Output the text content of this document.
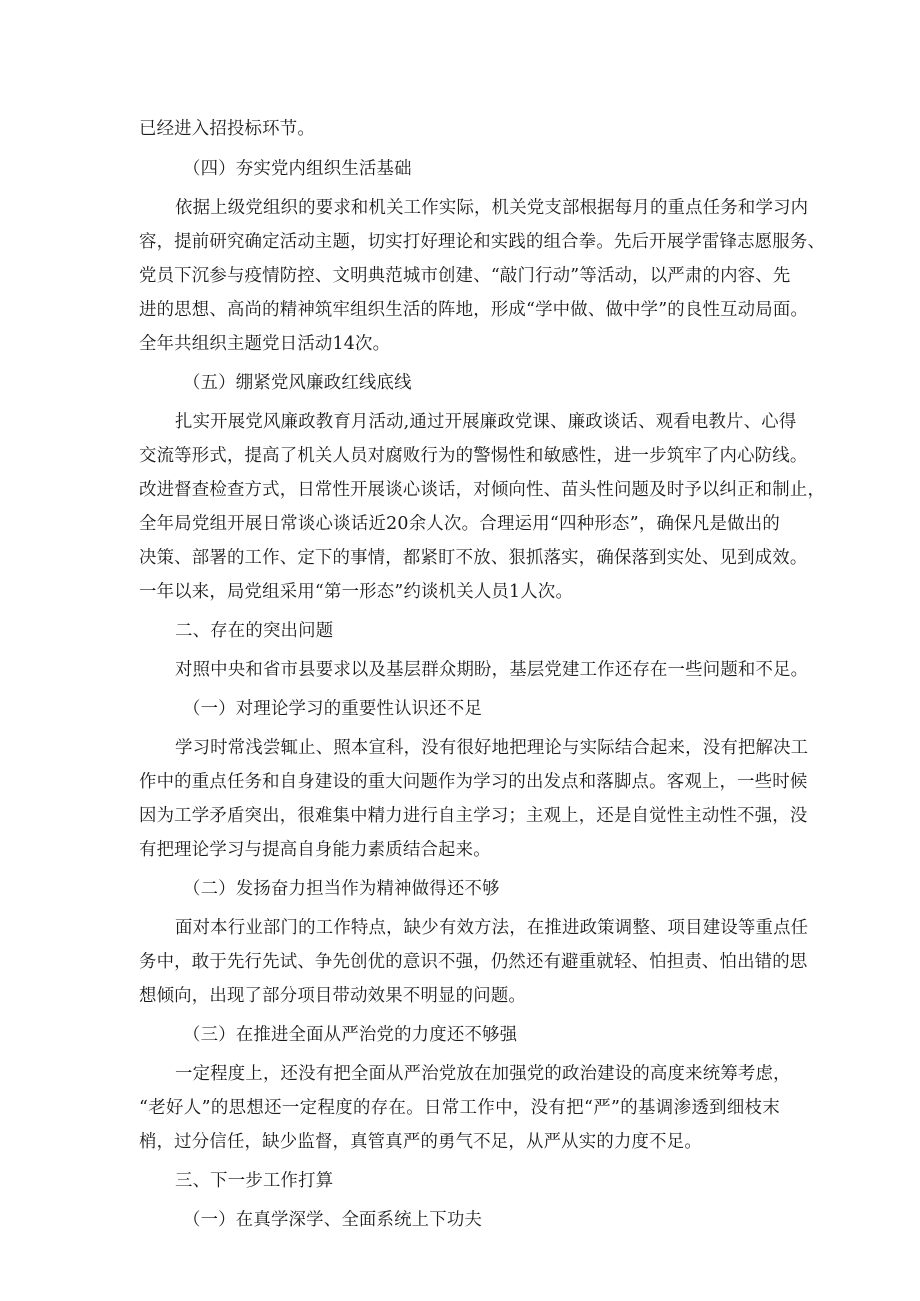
已经进入招投标环节。
（四）夯实党内组织生活基础
依据上级党组织的要求和机关工作实际，机关党支部根据每月的重点任务和学习内
容，提前研究确定活动主题，切实打好理论和实践的组合拳。先后开展学雷锋志愿服务、
党员下沉参与疫情防控、文明典范城市创建、“敲门行动”等活动，以严肃的内容、先
进的思想、高尚的精神筑牢组织生活的阵地，形成“学中做、做中学”的良性互动局面。
全年共组织主题党日活动14次。
（五）绷紧党风廉政红线底线
扎实开展党风廉政教育月活动,通过开展廉政党课、廉政谈话、观看电教片、心得
交流等形式，提高了机关人员对腐败行为的警惕性和敏感性，进一步筑牢了内心防线。
改进督查检查方式，日常性开展谈心谈话，对倾向性、苗头性问题及时予以纠正和制止，
全年局党组开展日常谈心谈话近20余人次。合理运用“四种形态”，确保凡是做出的
决策、部署的工作、定下的事情，都紧盯不放、狠抓落实，确保落到实处、见到成效。
一年以来，局党组采用“第一形态”约谈机关人员1人次。
二、存在的突出问题
对照中央和省市县要求以及基层群众期盼，基层党建工作还存在一些问题和不足。
（一）对理论学习的重要性认识还不足
学习时常浅尝辄止、照本宣科，没有很好地把理论与实际结合起来，没有把解决工
作中的重点任务和自身建设的重大问题作为学习的出发点和落脚点。客观上，一些时候
因为工学矛盾突出，很难集中精力进行自主学习；主观上，还是自觉性主动性不强，没
有把理论学习与提高自身能力素质结合起来。
（二）发扬奋力担当作为精神做得还不够
面对本行业部门的工作特点，缺少有效方法，在推进政策调整、项目建设等重点任
务中，敢于先行先试、争先创优的意识不强，仍然还有避重就轻、怕担责、怕出错的思
想倾向，出现了部分项目带动效果不明显的问题。
（三）在推进全面从严治党的力度还不够强
一定程度上，还没有把全面从严治党放在加强党的政治建设的高度来统筹考虑，
“老好人”的思想还一定程度的存在。日常工作中，没有把“严”的基调渗透到细枝末
梢，过分信任，缺少监督，真管真严的勇气不足，从严从实的力度不足。
三、下一步工作打算
（一）在真学深学、全面系统上下功夫
